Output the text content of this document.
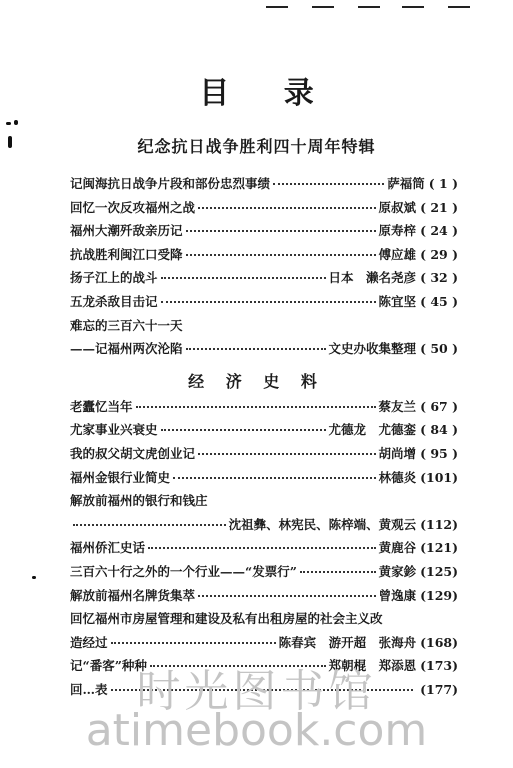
目 录
纪念抗日战争胜利四十周年特辑
经 济 史 料
记闽海抗日战争片段和部份忠烈事绩	萨福筒 ( 1 )
回忆一次反攻福州之战	原叔斌 ( 21 )
福州大潮歼敌亲历记	原寿梓 ( 24 )
抗战胜利闽江口受降	傅应雄 ( 29 )
扬子江上的战斗	日本　濑名尧彦 ( 32 )
五龙杀敌目击记	陈宜坚 ( 45 )
难忘的三百六十一天
——记福州两次沦陷	文史办收集整理 ( 50 )
老蠹忆当年	蔡友兰 ( 67 )
尤家事业兴衰史	尤德龙　尤德銮 ( 84 )
我的叔父胡文虎创业记	胡尚增 ( 95 )
福州金银行业简史	林德炎 (101)
解放前福州的银行和钱庄
沈祖彝、林宪民、陈梓端、黄观云 (112)
福州侨汇史话	黄鹿谷 (121)
三百六十行之外的一个行业——“发票行”	黄家鉁 (125)
解放前福州名牌货集萃	曾逸康 (129)
回忆福州市房屋管理和建设及私有出租房屋的社会主义改
造经过	陈春宾　游开超　张海舟 (168)
记“番客”种种	郑朝棍　郑添恩 (173)
回…表	(177)
时光图书馆
atimebook.com
